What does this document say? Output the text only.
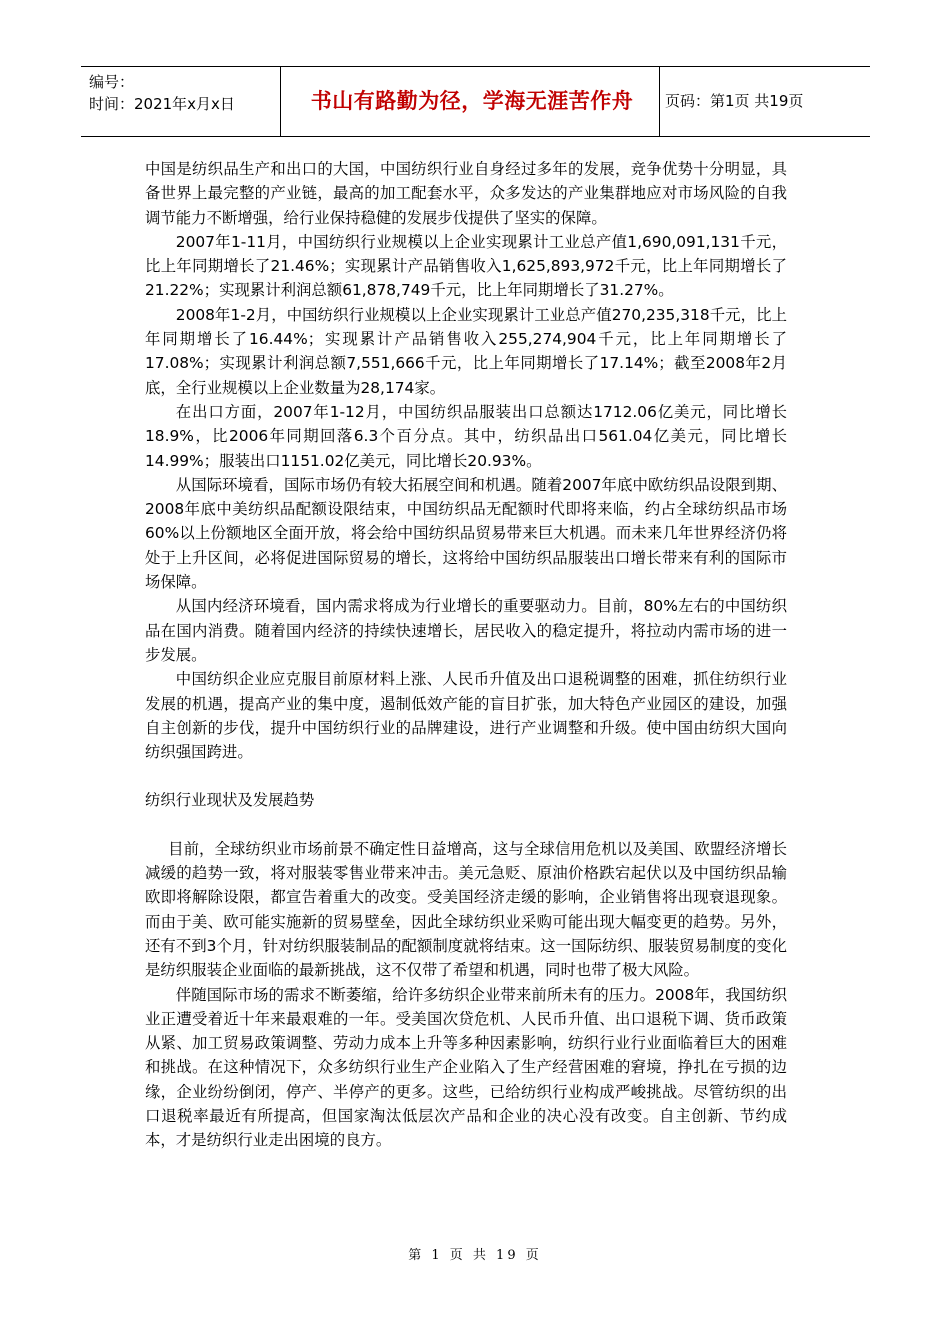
编号：
时间：2021年x月x日	书山有路勤为径，学海无涯苦作舟	页码：第1页 共19页

中国是纺织品生产和出口的大国，中国纺织行业自身经过多年的发展，竞争优势十分明显，具备世界上最完整的产业链，最高的加工配套水平，众多发达的产业集群地应对市场风险的自我调节能力不断增强，给行业保持稳健的发展步伐提供了坚实的保障。

2007年1-11月，中国纺织行业规模以上企业实现累计工业总产值1,690,091,131千元，比上年同期增长了21.46%；实现累计产品销售收入1,625,893,972千元，比上年同期增长了21.22%；实现累计利润总额61,878,749千元，比上年同期增长了31.27%。

2008年1-2月，中国纺织行业规模以上企业实现累计工业总产值270,235,318千元，比上年同期增长了16.44%；实现累计产品销售收入255,274,904千元，比上年同期增长了17.08%；实现累计利润总额7,551,666千元，比上年同期增长了17.14%；截至2008年2月底，全行业规模以上企业数量为28,174家。

在出口方面，2007年1-12月，中国纺织品服装出口总额达1712.06亿美元，同比增长18.9%，比2006年同期回落6.3个百分点。其中，纺织品出口561.04亿美元，同比增长14.99%；服装出口1151.02亿美元，同比增长20.93%。

从国际环境看，国际市场仍有较大拓展空间和机遇。随着2007年底中欧纺织品设限到期、2008年底中美纺织品配额设限结束，中国纺织品无配额时代即将来临，约占全球纺织品市场60%以上份额地区全面开放，将会给中国纺织品贸易带来巨大机遇。而未来几年世界经济仍将处于上升区间，必将促进国际贸易的增长，这将给中国纺织品服装出口增长带来有利的国际市场保障。

从国内经济环境看，国内需求将成为行业增长的重要驱动力。目前，80%左右的中国纺织品在国内消费。随着国内经济的持续快速增长，居民收入的稳定提升，将拉动内需市场的进一步发展。

中国纺织企业应克服目前原材料上涨、人民币升值及出口退税调整的困难，抓住纺织行业发展的机遇，提高产业的集中度，遏制低效产能的盲目扩张，加大特色产业园区的建设，加强自主创新的步伐，提升中国纺织行业的品牌建设，进行产业调整和升级。使中国由纺织大国向纺织强国跨进。

纺织行业现状及发展趋势

目前，全球纺织业市场前景不确定性日益增高，这与全球信用危机以及美国、欧盟经济增长减缓的趋势一致，将对服装零售业带来冲击。美元急贬、原油价格跌宕起伏以及中国纺织品输欧即将解除设限，都宣告着重大的改变。受美国经济走缓的影响，企业销售将出现衰退现象。而由于美、欧可能实施新的贸易壁垒，因此全球纺织业采购可能出现大幅变更的趋势。另外，还有不到3个月，针对纺织服装制品的配额制度就将结束。这一国际纺织、服装贸易制度的变化是纺织服装企业面临的最新挑战，这不仅带了希望和机遇，同时也带了极大风险。

伴随国际市场的需求不断萎缩，给许多纺织企业带来前所未有的压力。2008年，我国纺织业正遭受着近十年来最艰难的一年。受美国次贷危机、人民币升值、出口退税下调、货币政策从紧、加工贸易政策调整、劳动力成本上升等多种因素影响，纺织行业行业面临着巨大的困难和挑战。在这种情况下，众多纺织行业生产企业陷入了生产经营困难的窘境，挣扎在亏损的边缘，企业纷纷倒闭，停产、半停产的更多。这些，已给纺织行业构成严峻挑战。尽管纺织的出口退税率最近有所提高，但国家淘汰低层次产品和企业的决心没有改变。自主创新、节约成本，才是纺织行业走出困境的良方。

第 1 页 共 19 页
